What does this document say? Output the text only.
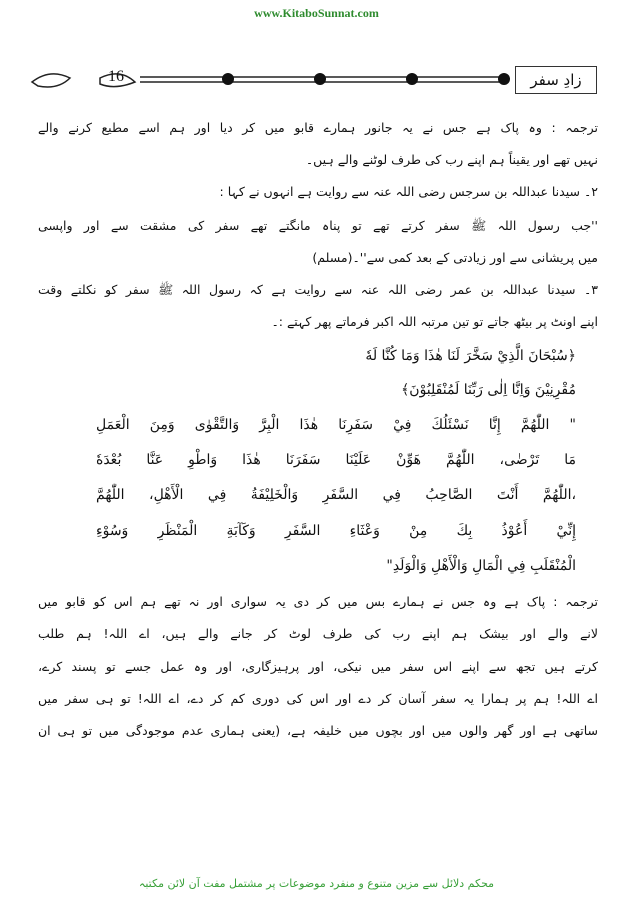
www.KitaboSunnat.com
16	زادِ سفر
ترجمہ : وہ پاک ہے جس نے یہ جانور ہمارے قابو میں کر دیا اور ہم اسے مطیع کرنے والے
نہیں تھے اور یقیناً ہم اپنے رب کی طرف لوٹنے والے ہیں۔
۲۔ سیدنا عبداللہ بن سرجس رضی اللہ عنہ سے روایت ہے انہوں نے کہا :
''جب رسول اللہ ﷺ سفر کرتے تھے تو پناہ مانگتے تھے سفر کی مشقت سے اور واپسی
میں پریشانی سے اور زیادتی کے بعد کمی سے''۔(مسلم)
۳۔ سیدنا عبداللہ بن عمر رضی اللہ عنہ سے روایت ہے کہ رسول اللہ ﷺ سفر کو نکلتے وقت
اپنے اونٹ پر بیٹھ جاتے تو تین مرتبہ اللہ اکبر فرماتے پھر کہتے :۔
﴿سُبْحَانَ الَّذِيْ سَخَّرَ لَنَا هٰذَا وَمَا كُنَّا لَهٗ
مُقْرِنِيْنَ وَاِنَّا اِلٰى رَبِّنَا لَمُنْقَلِبُوْنَ﴾
" اللّٰهُمَّ إِنَّا نَسْئَلُكَ فِيْ سَفَرِنَا هٰذَا الْبِرَّ وَالتَّقْوٰى وَمِنَ الْعَمَلِ
مَا تَرْضٰى، اللّٰهُمَّ هَوِّنْ عَلَيْنَا سَفَرَنَا هٰذَا وَاطْوِ عَنَّا بُعْدَهٗ
،اللّٰهُمَّ أَنْتَ الصَّاحِبُ فِي السَّفَرِ وَالْخَلِيْفَةُ فِي الْأَهْلِ، اللّٰهُمَّ
إِنِّيْ أَعُوْذُ بِكَ مِنْ وَعْثَاءِ السَّفَرِ وَكَآبَةِ الْمَنْظَرِ وَسُوْءِ
الْمُنْقَلَبِ فِي الْمَالِ وَالْأَهْلِ وَالْوَلَدِ"
ترجمہ : پاک ہے وہ جس نے ہمارے بس میں کر دی یہ سواری اور نہ تھے ہم اس کو قابو میں
لانے والے اور بیشک ہم اپنے رب کی طرف لوٹ کر جانے والے ہیں، اے اللہ! ہم طلب
کرتے ہیں تجھ سے اپنے اس سفر میں نیکی، اور پرہیزگاری، اور وہ عمل جسے تو پسند کرے،
اے اللہ! ہم پر ہمارا یہ سفر آسان کر دے اور اس کی دوری کم کر دے، اے اللہ! تو ہی سفر میں
ساتھی ہے اور گھر والوں میں اور بچوں میں خلیفہ ہے، (یعنی ہماری عدم موجودگی میں تو ہی ان
محکم دلائل سے مزین متنوع و منفرد موضوعات پر مشتمل مفت آن لائن مکتبہ
